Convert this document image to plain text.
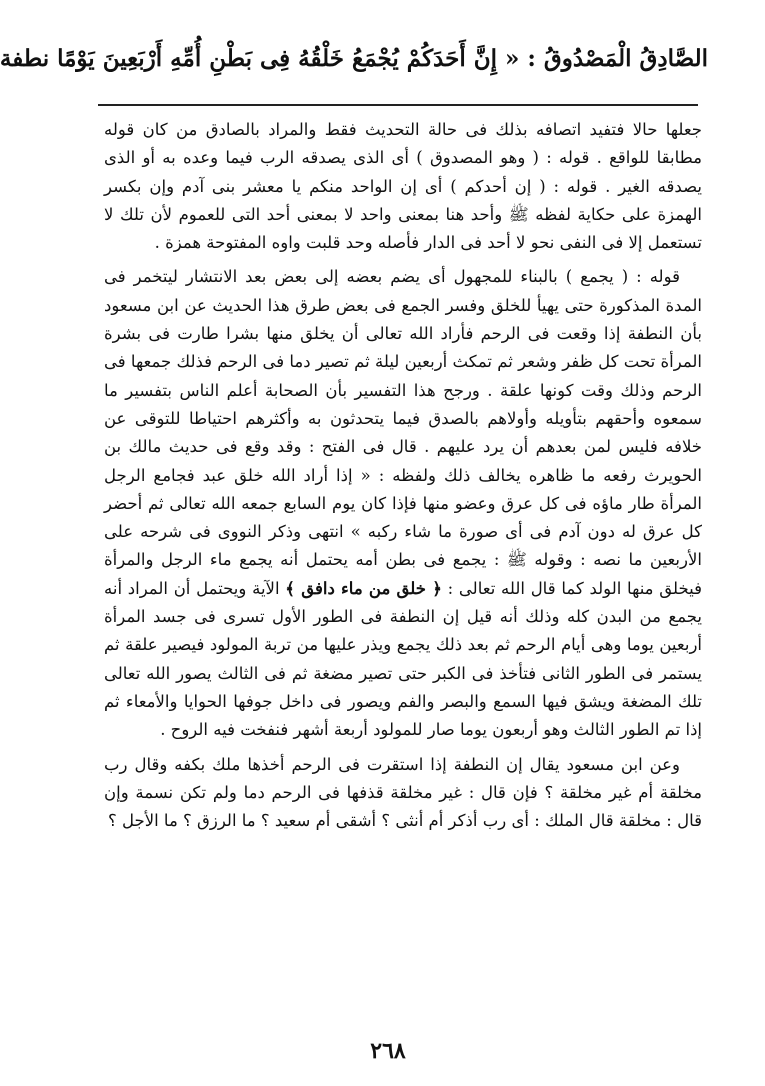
الصَّادِقُ الْمَصْدُوقُ : « إِنَّ أَحَدَكُمْ يُجْمَعُ خَلْقُهُ فِى بَطْنِ أُمِّهِ أَرْبَعِينَ يَوْمًا نطفة

جعلها حالا فتفيد اتصافه بذلك فى حالة التحديث فقط والمراد بالصادق من كان قوله مطابقا للواقع . قوله : ( وهو المصدوق ) أى الذى يصدقه الرب فيما وعده به أو الذى يصدقه الغير . قوله : ( إن أحدكم ) أى إن الواحد منكم يا معشر بنى آدم وإن بكسر الهمزة على حكاية لفظه ﷺ وأحد هنا بمعنى واحد لا بمعنى أحد التى للعموم لأن تلك لا تستعمل إلا فى النفى نحو لا أحد فى الدار فأصله وحد قلبت واوه المفتوحة همزة .

قوله : ( يجمع ) بالبناء للمجهول أى يضم بعضه إلى بعض بعد الانتشار ليتخمر فى المدة المذكورة حتى يهيأ للخلق وفسر الجمع فى بعض طرق هذا الحديث عن ابن مسعود بأن النطفة إذا وقعت فى الرحم فأراد الله تعالى أن يخلق منها بشرا طارت فى بشرة المرأة تحت كل ظفر وشعر ثم تمكث أربعين ليلة ثم تصير دما فى الرحم فذلك جمعها فى الرحم وذلك وقت كونها علقة . ورجح هذا التفسير بأن الصحابة أعلم الناس بتفسير ما سمعوه وأحقهم بتأويله وأولاهم بالصدق فيما يتحدثون به وأكثرهم احتياطا للتوقى عن خلافه فليس لمن بعدهم أن يرد عليهم . قال فى الفتح : وقد وقع فى حديث مالك بن الحويرث رفعه ما ظاهره يخالف ذلك ولفظه : « إذا أراد الله خلق عبد فجامع الرجل المرأة طار ماؤه فى كل عرق وعضو منها فإذا كان يوم السابع جمعه الله تعالى ثم أحضر كل عرق له دون آدم فى أى صورة ما شاء ركبه » انتهى وذكر النووى فى شرحه على الأربعين ما نصه : وقوله ﷺ : يجمع فى بطن أمه يحتمل أنه يجمع ماء الرجل والمرأة فيخلق منها الولد كما قال الله تعالى : ﴿ خلق من ماء دافق ﴾ الآية ويحتمل أن المراد أنه يجمع من البدن كله وذلك أنه قيل إن النطفة فى الطور الأول تسرى فى جسد المرأة أربعين يوما وهى أيام الرحم ثم بعد ذلك يجمع ويذر عليها من تربة المولود فيصير علقة ثم يستمر فى الطور الثانى فتأخذ فى الكبر حتى تصير مضغة ثم فى الثالث يصور الله تعالى تلك المضغة ويشق فيها السمع والبصر والفم ويصور فى داخل جوفها الحوايا والأمعاء ثم إذا تم الطور الثالث وهو أربعون يوما صار للمولود أربعة أشهر فنفخت فيه الروح .

وعن ابن مسعود يقال إن النطفة إذا استقرت فى الرحم أخذها ملك بكفه وقال رب مخلقة أم غير مخلقة ؟ فإن قال : غير مخلقة قذفها فى الرحم دما ولم تكن نسمة وإن قال : مخلقة قال الملك : أى رب أذكر أم أنثى ؟ أشقى أم سعيد ؟ ما الرزق ؟ ما الأجل ؟

٢٦٨
